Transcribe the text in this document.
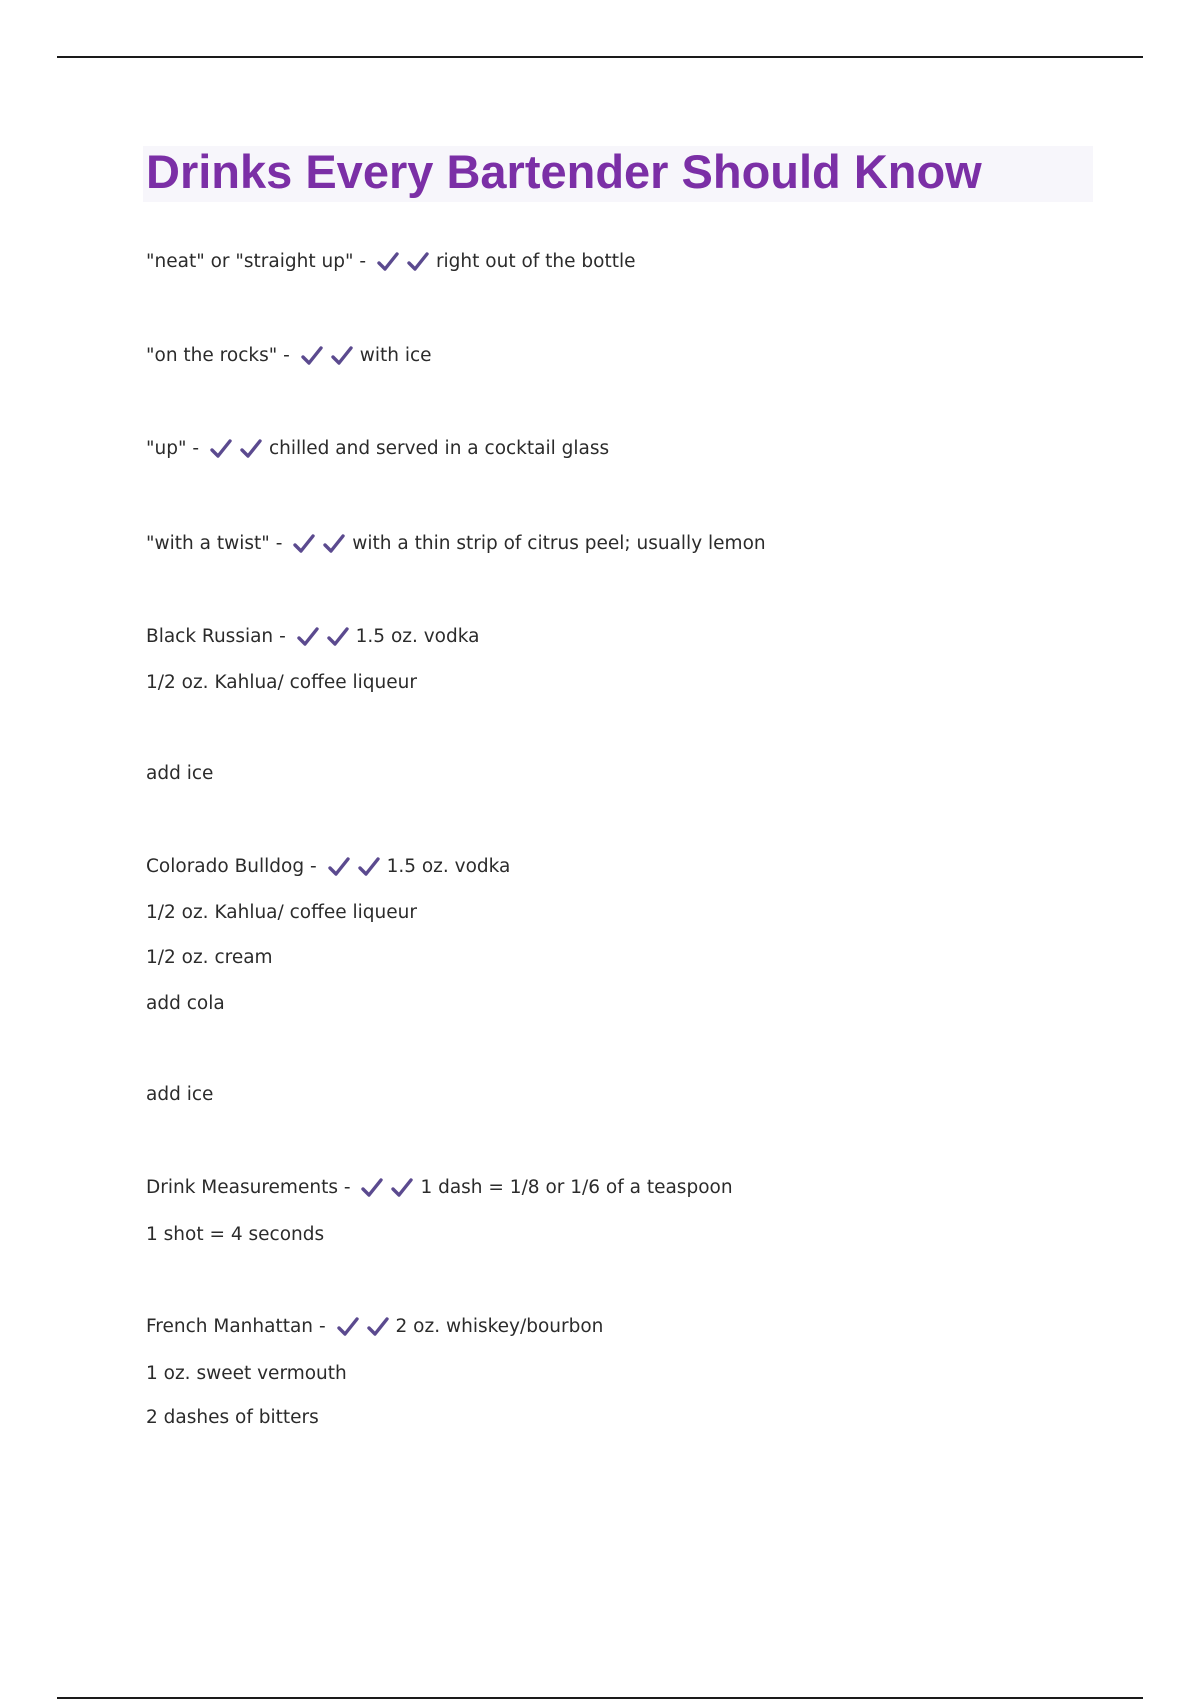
Drinks Every Bartender Should Know
"neat" or "straight up"
-
	right out of the bottle
"on the rocks"
-
	with ice
"up"
-
	chilled and served in a cocktail glass
"with a twist"
-
	with a thin strip of citrus peel; usually lemon
Black Russian
-
	1.5 oz. vodka
1/2 oz. Kahlua/ coffee liqueur
add ice
Colorado Bulldog
-
	1.5 oz. vodka
1/2 oz. Kahlua/ coffee liqueur
1/2 oz. cream
add cola
add ice
Drink Measurements
-
	1 dash = 1/8 or 1/6 of a teaspoon
1 shot = 4 seconds
French Manhattan
-
	2 oz. whiskey/bourbon
1 oz. sweet vermouth
2 dashes of bitters
